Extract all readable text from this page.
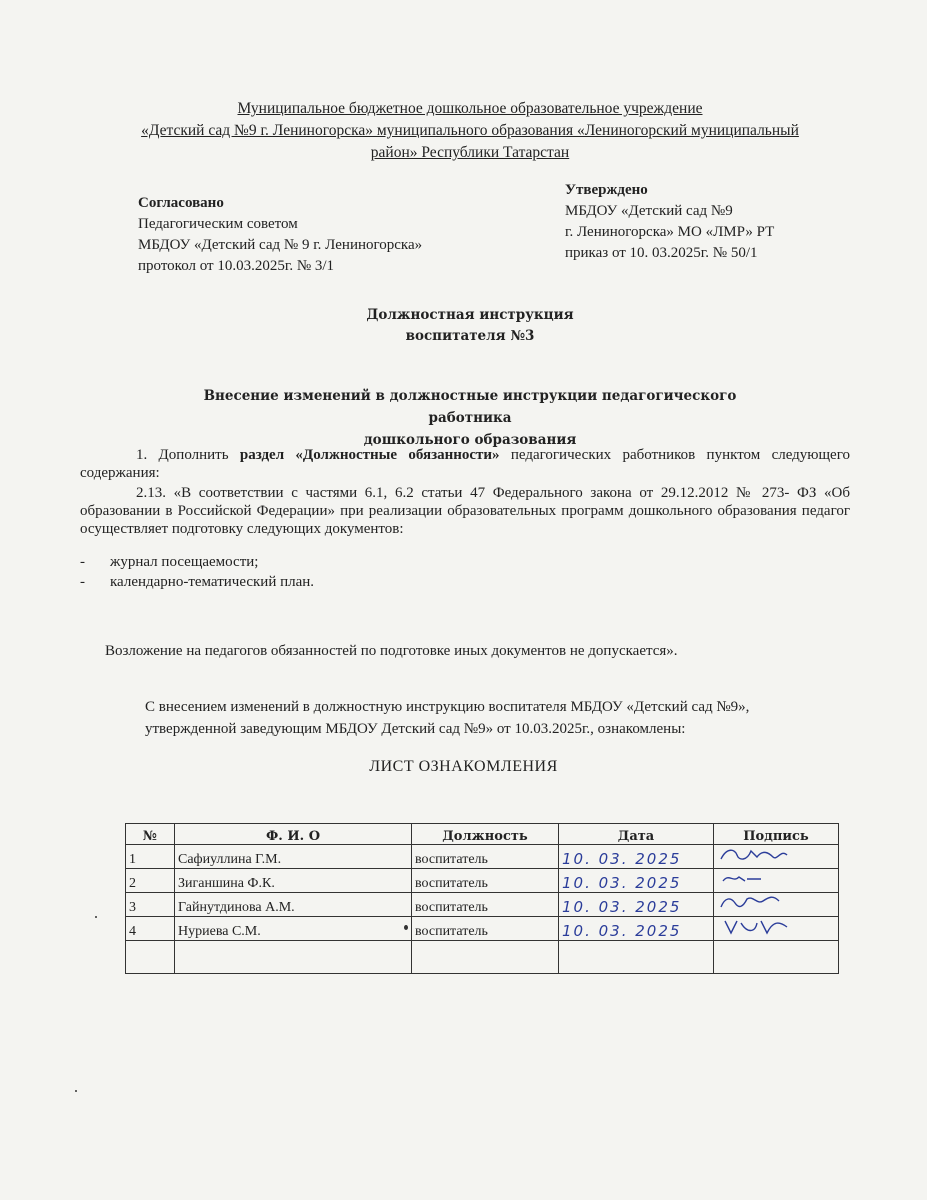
Муниципальное бюджетное дошкольное образовательное учреждение
«Детский сад №9 г. Лениногорска» муниципального образования «Лениногорский муниципальный
район» Республики Татарстан
Согласовано
Педагогическим советом
МБДОУ «Детский сад № 9 г. Лениногорска»
протокол от 10.03.2025г. № 3/1
Утверждено
МБДОУ «Детский сад №9
г. Лениногорска» МО «ЛМР» РТ
приказ от 10. 03.2025г. № 50/1
Должностная инструкция
воспитателя №3
Внесение изменений в должностные инструкции педагогического работника
дошкольного образования
1. Дополнить раздел «Должностные обязанности» педагогических работников пунктом следующего содержания:
2.13. «В соответствии с частями 6.1, 6.2 статьи 47 Федерального закона от 29.12.2012 № 273- ФЗ «Об образовании в Российской Федерации» при реализации образовательных программ дошкольного образования педагог осуществляет подготовку следующих документов:
- журнал посещаемости;
- календарно-тематический план.
Возложение на педагогов обязанностей по подготовке иных документов не допускается».
С внесением изменений в должностную инструкцию воспитателя МБДОУ «Детский сад №9»,
утвержденной заведующим МБДОУ Детский сад №9» от 10.03.2025г., ознакомлены:
ЛИСТ ОЗНАКОМЛЕНИЯ
№	Ф. И. О	Должность	Дата	Подпись
1	Сафиуллина Г.М.	воспитатель	10. 03. 2025	
2	Зиганшина Ф.К.	воспитатель	10. 03. 2025	
3	Гайнутдинова А.М.	воспитатель	10. 03. 2025	
4	Нуриева С.М.	воспитатель	10. 03. 2025	
